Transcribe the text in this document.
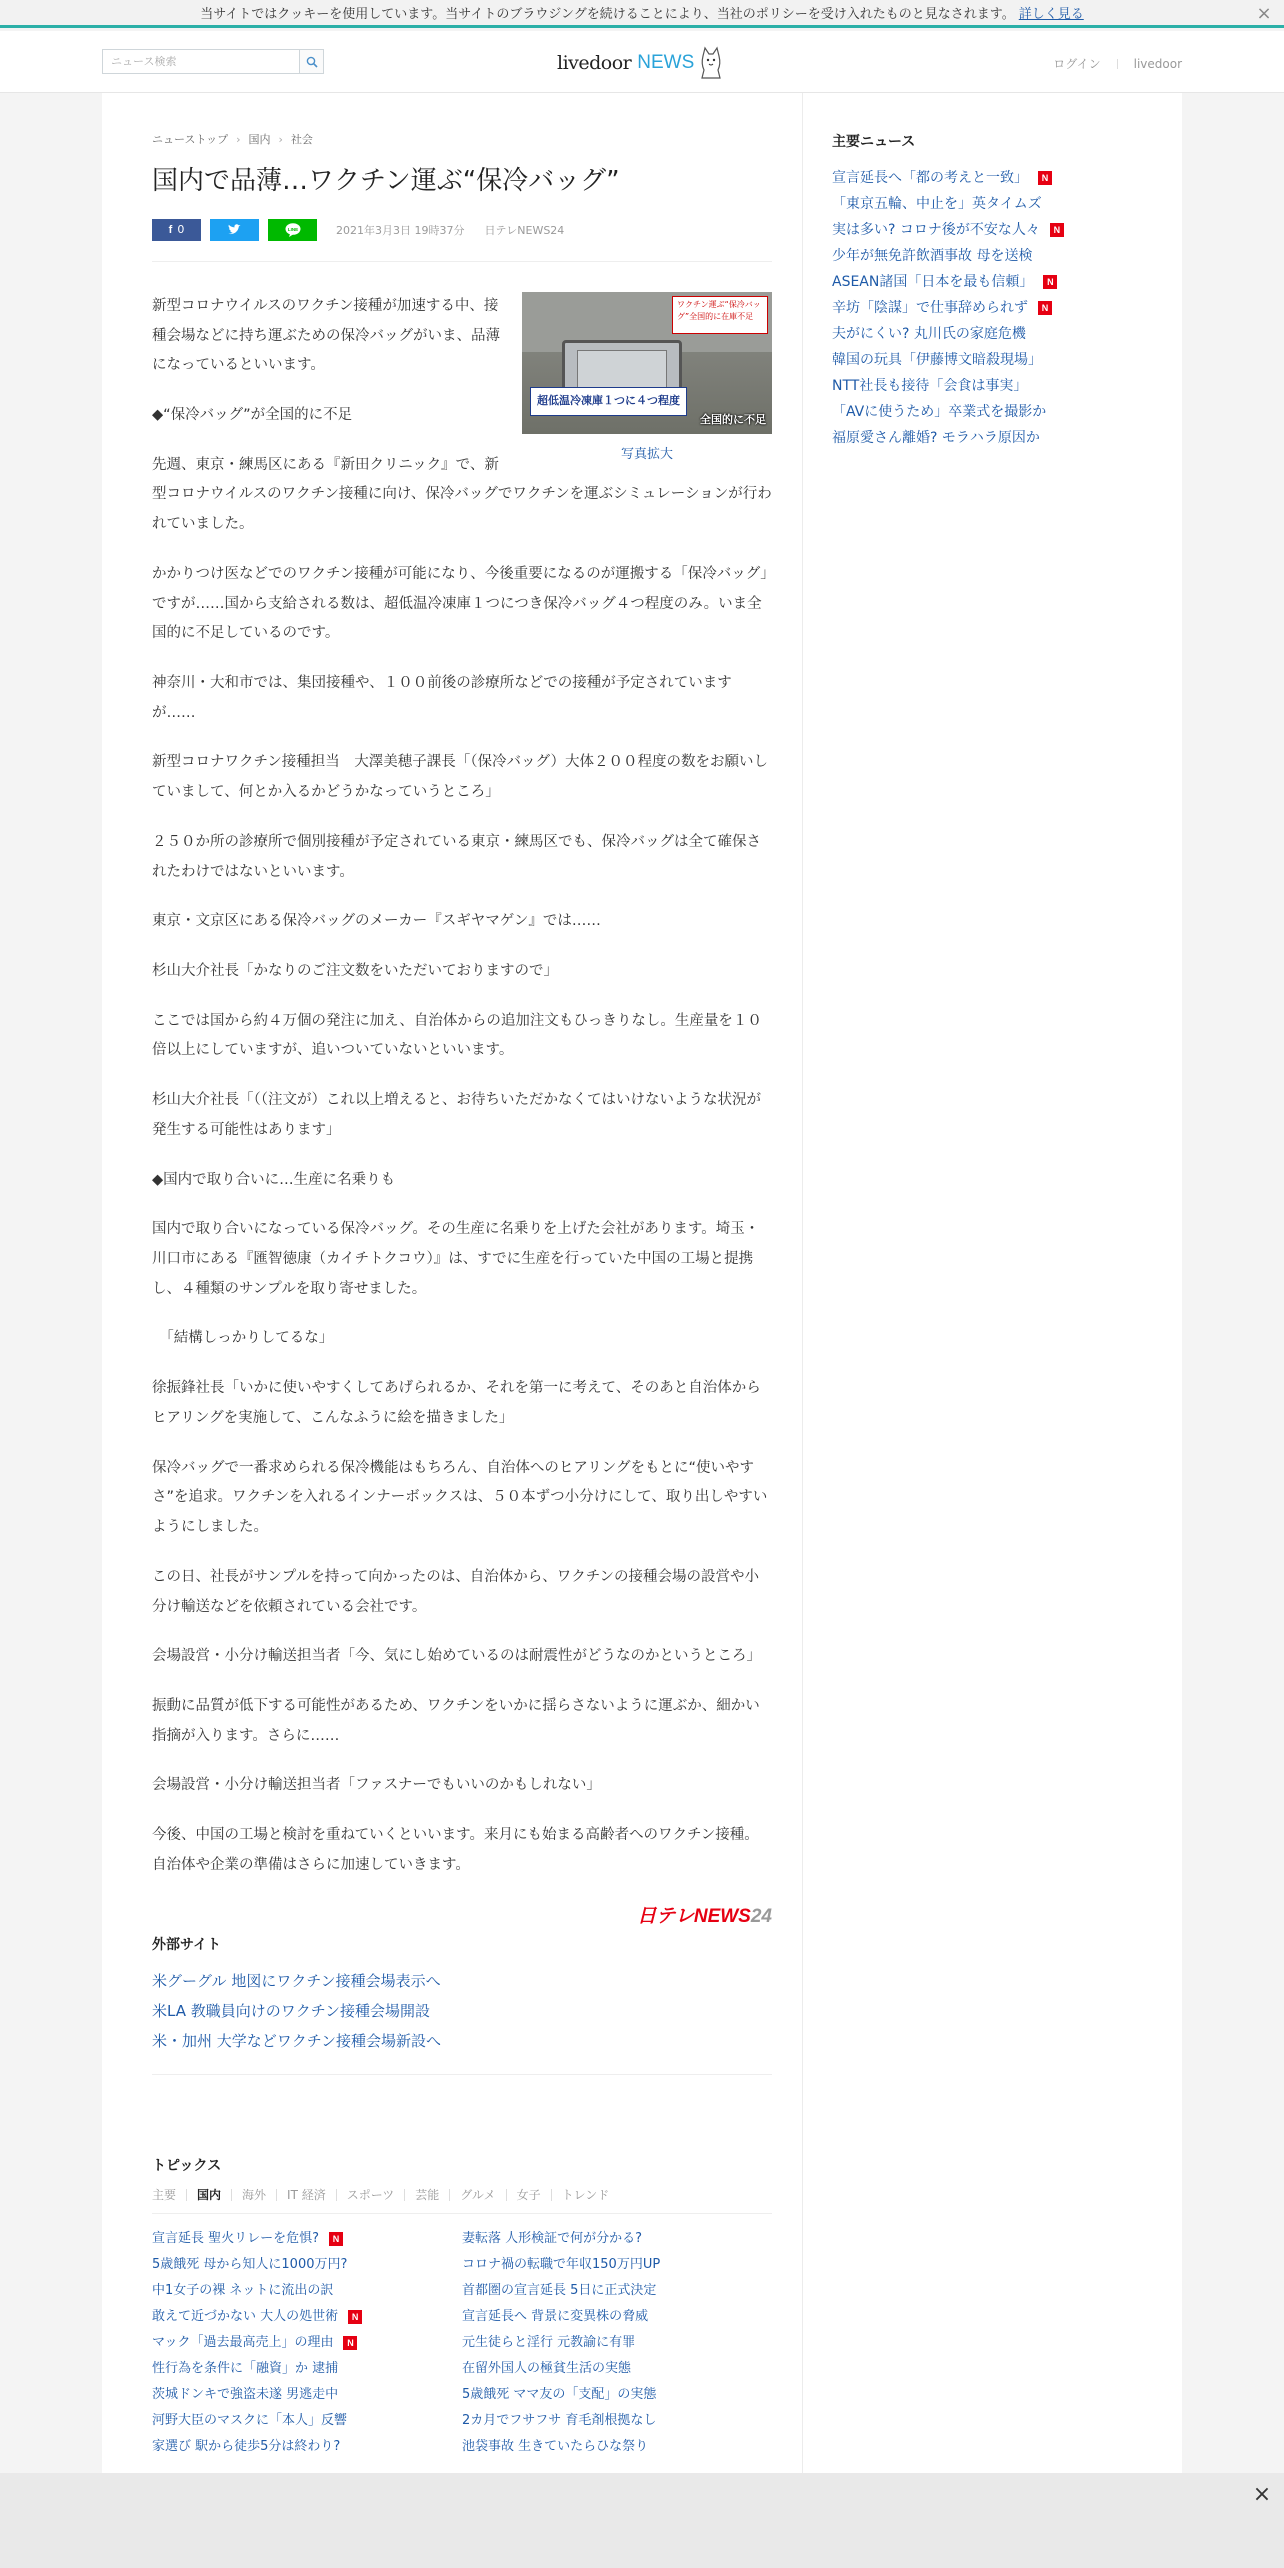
当サイトではクッキーを使用しています。当サイトのブラウジングを続けることにより、当社のポリシーを受け入れたものと見なされます。 詳しく見る	×
ニュース検索
livedoor NEWS	ログイン	livedoor
ニューストップ › 国内 › 社会
国内で品薄…ワクチン運ぶ“保冷バッグ”
f 0	LINE	2021年3月3日 19時37分 日テレNEWS24
ワクチン運ぶ“保冷バッグ”全国的に在庫不足
超低温冷凍庫１つに４つ程度
全国的に不足
写真拡大

新型コロナウイルスのワクチン接種が加速する中、接種会場などに持ち運ぶための保冷バッグがいま、品薄になっているといいます。

◆“保冷バッグ”が全国的に不足

先週、東京・練馬区にある『新田クリニック』で、新型コロナウイルスのワクチン接種に向け、保冷バッグでワクチンを運ぶシミュレーションが行われていました。

かかりつけ医などでのワクチン接種が可能になり、今後重要になるのが運搬する「保冷バッグ」ですが……国から支給される数は、超低温冷凍庫１つにつき保冷バッグ４つ程度のみ。いま全国的に不足しているのです。

神奈川・大和市では、集団接種や、１００前後の診療所などでの接種が予定されていますが……

新型コロナワクチン接種担当　大澤美穂子課長「（保冷バッグ）大体２００程度の数をお願いしていまして、何とか入るかどうかなっていうところ」

２５０か所の診療所で個別接種が予定されている東京・練馬区でも、保冷バッグは全て確保されたわけではないといいます。

東京・文京区にある保冷バッグのメーカー『スギヤマゲン』では……

杉山大介社長「かなりのご注文数をいただいておりますので」

ここでは国から約４万個の発注に加え、自治体からの追加注文もひっきりなし。生産量を１０倍以上にしていますが、追いついていないといいます。

杉山大介社長「（（注文が）これ以上増えると、お待ちいただかなくてはいけないような状況が発生する可能性はあります」

◆国内で取り合いに…生産に名乗りも

国内で取り合いになっている保冷バッグ。その生産に名乗りを上げた会社があります。埼玉・川口市にある『匯智徳康（カイチトクコウ）』は、すでに生産を行っていた中国の工場と提携し、４種類のサンプルを取り寄せました。

　「結構しっかりしてるな」

徐振鋒社長「いかに使いやすくしてあげられるか、それを第一に考えて、そのあと自治体からヒアリングを実施して、こんなふうに絵を描きました」

保冷バッグで一番求められる保冷機能はもちろん、自治体へのヒアリングをもとに“使いやすさ”を追求。ワクチンを入れるインナーボックスは、５０本ずつ小分けにして、取り出しやすいようにしました。

この日、社長がサンプルを持って向かったのは、自治体から、ワクチンの接種会場の設営や小分け輸送などを依頼されている会社です。

会場設営・小分け輸送担当者「今、気にし始めているのは耐震性がどうなのかというところ」

振動に品質が低下する可能性があるため、ワクチンをいかに揺らさないように運ぶか、細かい指摘が入ります。さらに……

会場設営・小分け輸送担当者「ファスナーでもいいのかもしれない」

今後、中国の工場と検討を重ねていくといいます。来月にも始まる高齢者へのワクチン接種。自治体や企業の準備はさらに加速していきます。

日テレNEWS24
外部サイト
米グーグル 地図にワクチン接種会場表示へ
米LA 教職員向けのワクチン接種会場開設
米・加州 大学などワクチン接種会場新設へ
トピックス
主要	国内	海外	IT 経済	スポーツ	芸能	グルメ	女子	トレンド
宣言延長 聖火リレーを危惧?	N
5歳餓死 母から知人に1000万円?
中1女子の裸 ネットに流出の訳
敢えて近づかない 大人の処世術	N
マック「過去最高売上」の理由	N
性行為を条件に「融資」か 逮捕
茨城ドンキで強盗未遂 男逃走中
河野大臣のマスクに「本人」反響
家選び 駅から徒歩5分は終わり?
妻転落 人形検証で何が分かる?
コロナ禍の転職で年収150万円UP
首都圏の宣言延長 5日に正式決定
宣言延長へ 背景に変異株の脅威
元生徒らと淫行 元教諭に有罪
在留外国人の極貧生活の実態
5歳餓死 ママ友の「支配」の実態
2カ月でフサフサ 育毛剤根拠なし
池袋事故 生きていたらひな祭り
主要ニュース
宣言延長へ「都の考えと一致」	N
「東京五輪、中止を」英タイムズ
実は多い? コロナ後が不安な人々	N
少年が無免許飲酒事故 母を送検
ASEAN諸国「日本を最も信頼」	N
辛坊「陰謀」で仕事辞められず	N
夫がにくい? 丸川氏の家庭危機
韓国の玩具「伊藤博文暗殺現場」
NTT社長も接待「会食は事実」
「AVに使うため」卒業式を撮影か
福原愛さん離婚? モラハラ原因か
×
